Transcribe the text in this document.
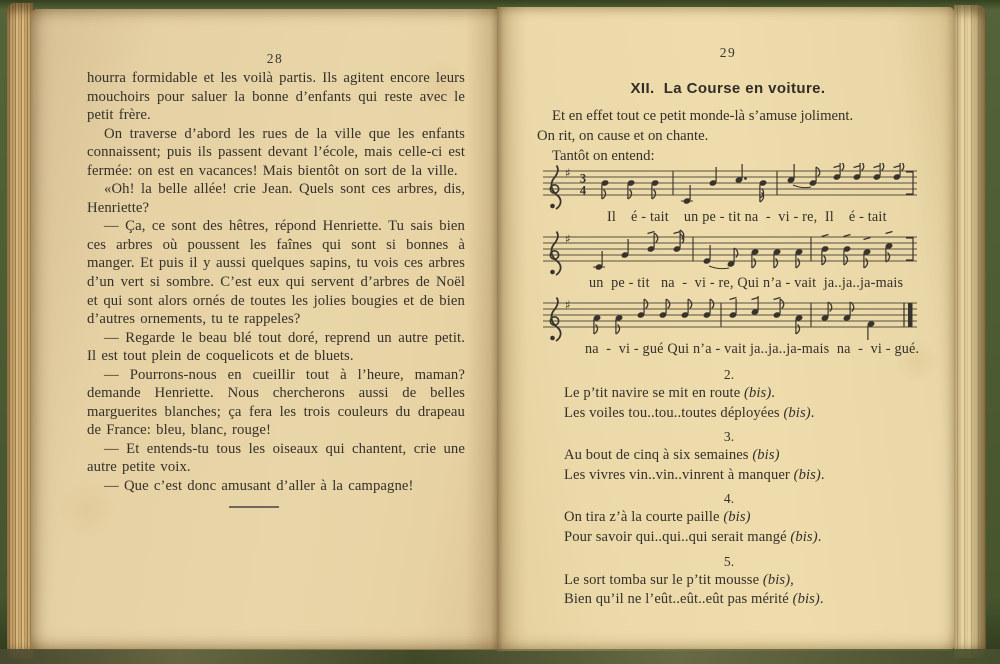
28

hourra formidable et les voilà partis. Ils agitent encore leurs mouchoirs pour saluer la bonne d’enfants qui reste avec le petit frère.

On traverse d’abord les rues de la ville que les enfants connaissent; puis ils passent devant l’école, mais celle-ci est fermée: on est en vacances! Mais bientôt on sort de la ville.

«Oh! la belle allée! crie Jean. Quels sont ces arbres, dis, Henriette?

— Ça, ce sont des hêtres, répond Henriette. Tu sais bien ces arbres où poussent les faînes qui sont si bonnes à manger. Et puis il y aussi quelques sapins, tu vois ces arbres d’un vert si sombre. C’est eux qui servent d’arbres de Noël et qui sont alors ornés de toutes les jolies bougies et de bien d’autres ornements, tu te rappeles?

— Regarde le beau blé tout doré, reprend un autre petit. Il est tout plein de coquelicots et de bluets.

— Pourrons-nous en cueillir tout à l’heure, maman? demande Henriette. Nous chercherons aussi de belles marguerites blanches; ça fera les trois couleurs du drapeau de France: bleu, blanc, rouge!

— Et entends-tu tous les oiseaux qui chantent, crie une autre petite voix.

— Que c’est donc amusant d’aller à la campagne!

29
XII.  La Course en voiture.

Et en effet tout ce petit monde-là s’amuse joliment.

On rit, on cause et on chante.

Tantôt on entend:

♯ 3
4
Il    é - tait    un pe - tit na  -  vi - re,  Il    é - tait
♯
un  pe - tit   na  -  vi - re, Qui n’a - vait  ja..ja..ja-mais
♯
na  -  vi - gué Qui n’a - vait ja..ja..ja-mais  na  -  vi - gué.
2.
Le p’tit navire se mit en route (bis).
Les voiles tou..tou..toutes déployées (bis).
3.
Au bout de cinq à six semaines (bis)
Les vivres vin..vin..vinrent à manquer (bis).
4.
On tira z’à la courte paille (bis)
Pour savoir qui..qui..qui serait mangé (bis).
5.
Le sort tomba sur le p’tit mousse (bis),
Bien qu’il ne l’eût..eût..eût pas mérité (bis).
